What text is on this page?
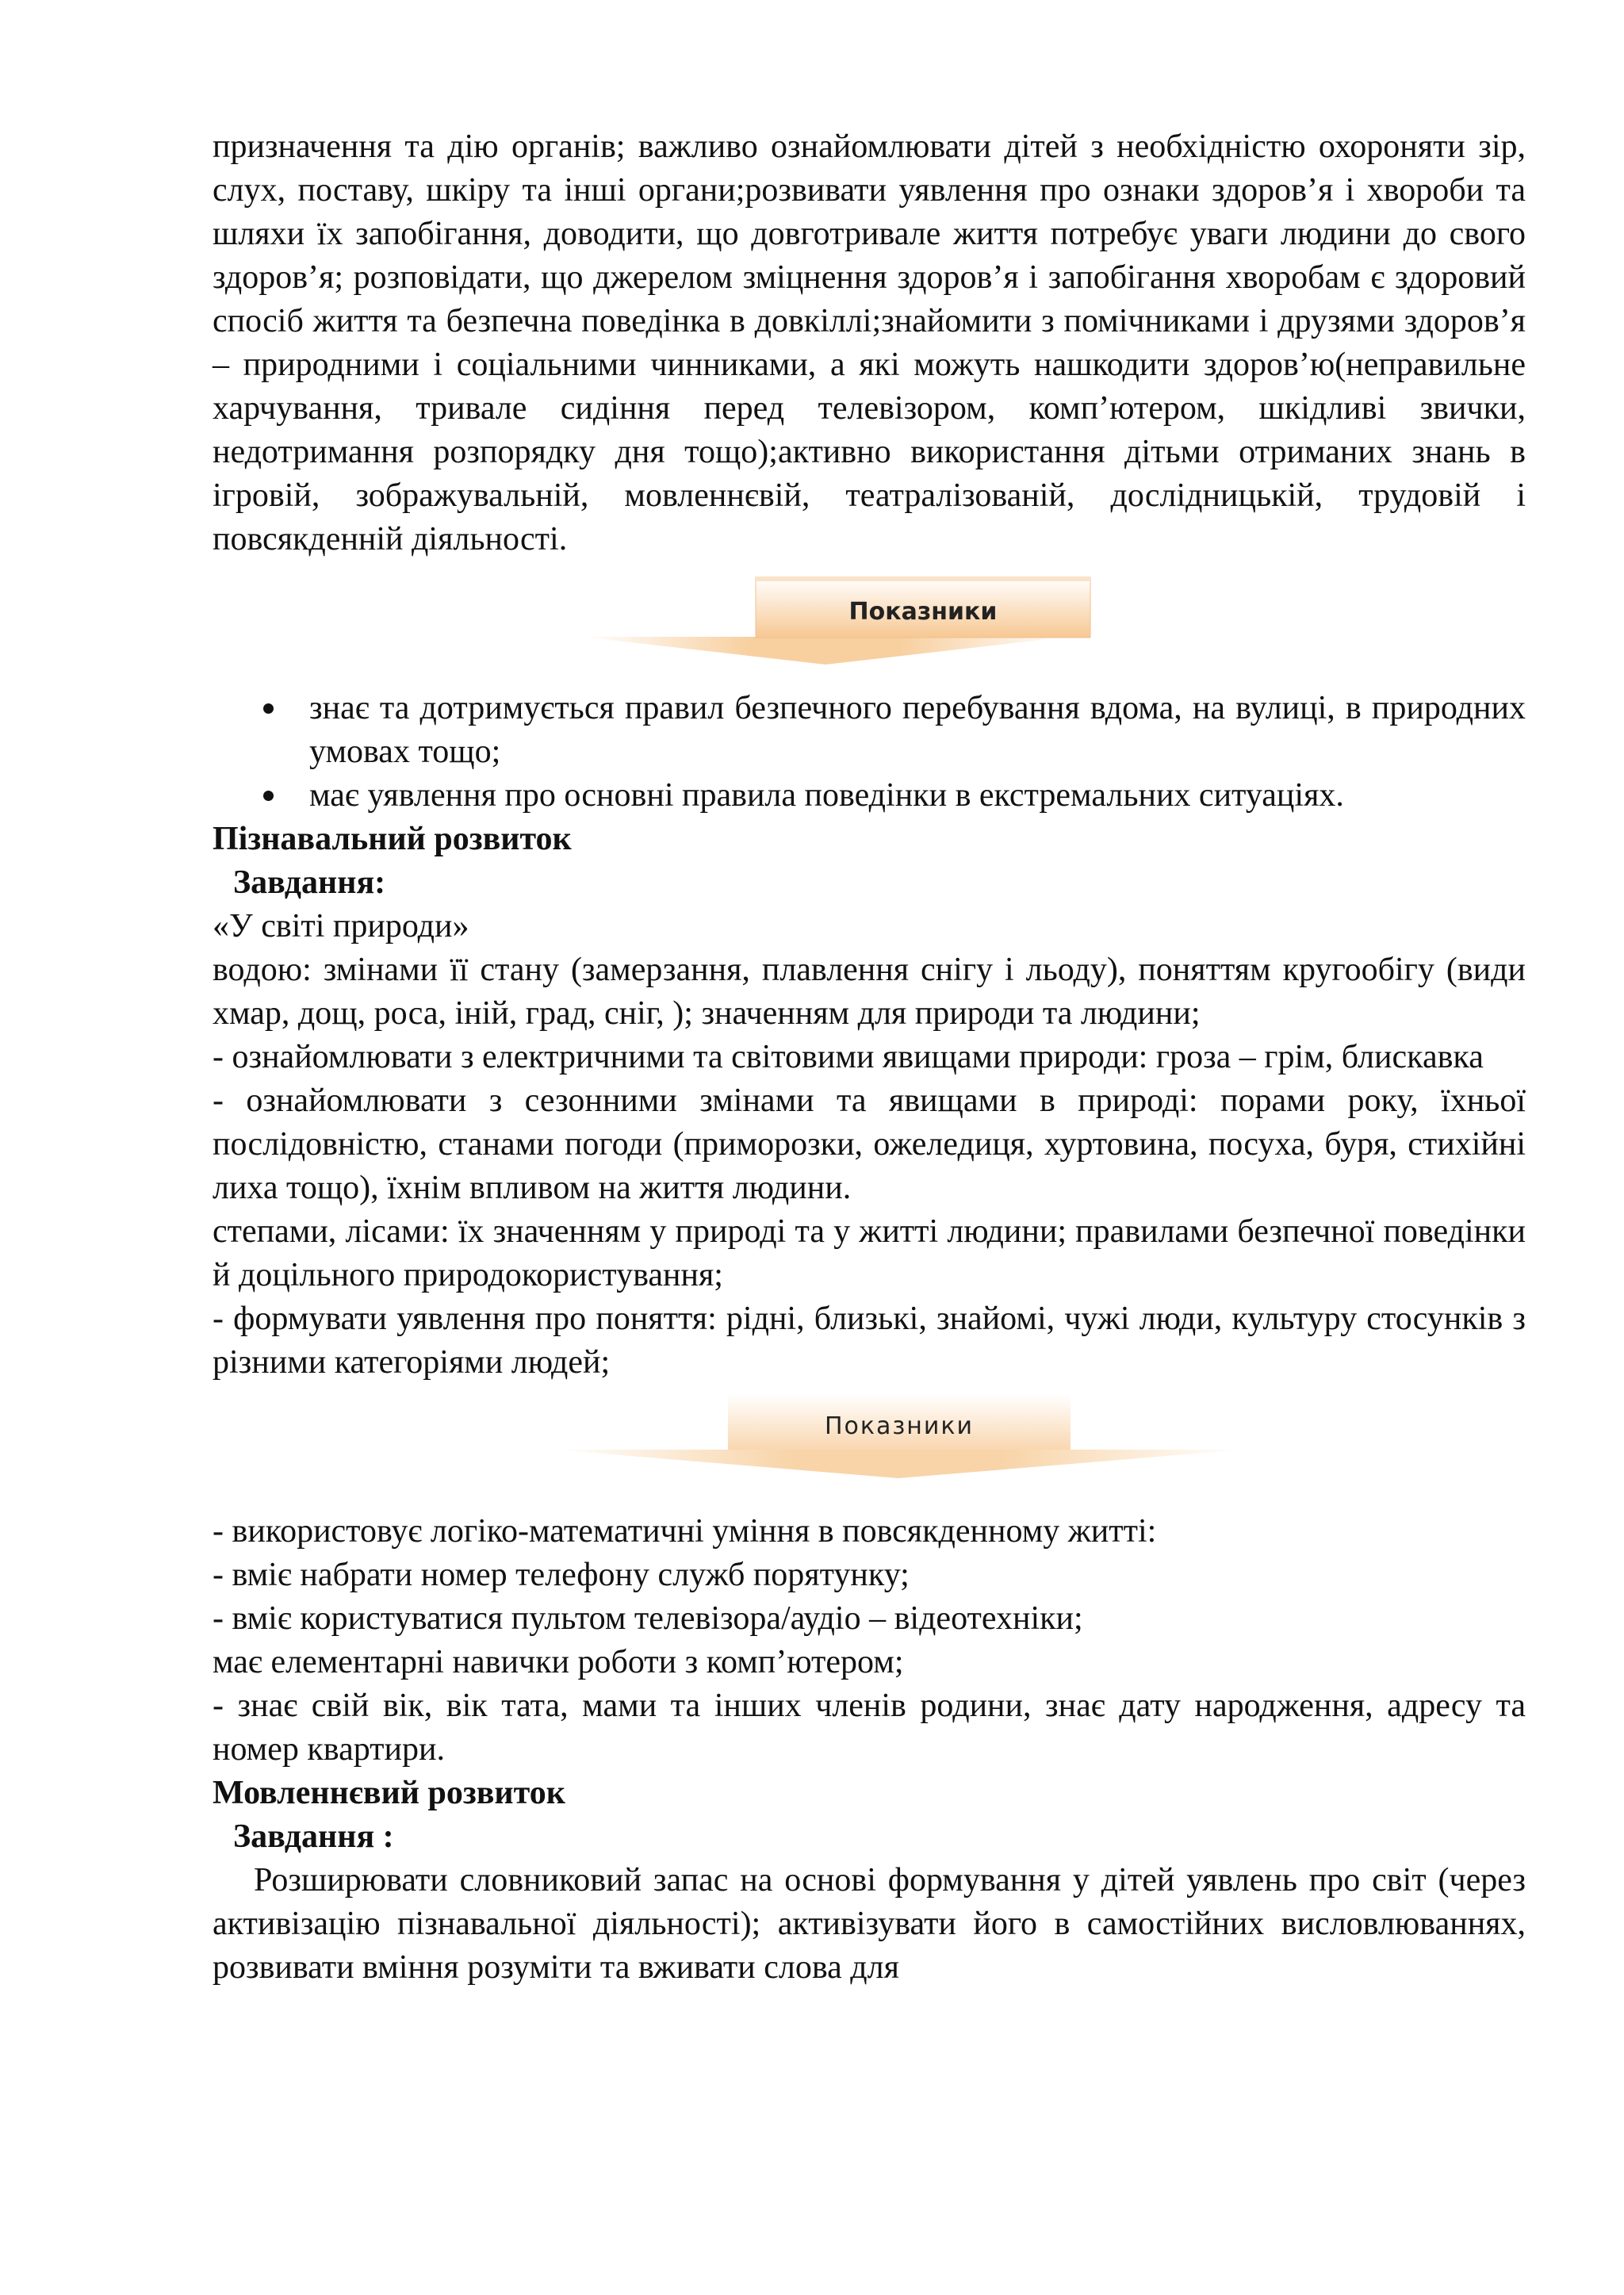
призначення та дію органів; важливо ознайомлювати дітей з необхідністю охороняти зір, слух, поставу, шкіру та інші органи;розвивати уявлення про ознаки здоров’я і хвороби та шляхи їх запобігання, доводити, що довготривале життя потребує уваги людини до свого здоров’я; розповідати, що джерелом зміцнення здоров’я і запобігання хворобам є здоровий спосіб життя та безпечна поведінка в довкіллі;знайомити з помічниками і друзями здоров’я – природними і соціальними чинниками, а які можуть нашкодити здоров’ю(неправильне харчування, тривале сидіння перед телевізором, комп’ютером, шкідливі звички, недотримання розпорядку дня тощо);активно використання дітьми отриманих знань в ігровій, зображувальній, мовленнєвій, театралізованій, дослідницькій, трудовій і повсякденній діяльності.

Показники
знає та дотримується правил безпечного перебування вдома, на вулиці, в природних умовах тощо;
має уявлення про основні правила поведінки в екстремальних ситуаціях.

Пізнавальний розвиток

Завдання:

«У світі природи»

водою: змінами її стану (замерзання, плавлення снігу і льоду), поняттям кругообігу (види хмар, дощ, роса, іній, град, сніг, ); значенням для природи та людини;

- ознайомлювати з електричними та світовими явищами природи: гроза – грім, блискавка

- ознайомлювати з сезонними змінами та явищами в природі: порами року, їхньої послідовністю, станами погоди (приморозки, ожеледиця, хуртовина, посуха, буря, стихійні лиха тощо), їхнім впливом на життя людини.

степами, лісами: їх значенням у природі та у житті людини; правилами безпечної поведінки й доцільного природокористування;

- формувати уявлення про поняття: рідні, близькі, знайомі, чужі люди, культуру стосунків з різними категоріями людей;

Показники

- використовує логіко-математичні уміння в повсякденному житті:

- вміє набрати номер телефону служб порятунку;

- вміє користуватися пультом телевізора/аудіо – відеотехніки;

має елементарні навички роботи з комп’ютером;

- знає свій вік, вік тата, мами та інших членів родини, знає дату народження, адресу та номер квартири.

Мовленнєвий розвиток

Завдання :

Розширювати словниковий запас на основі формування у дітей уявлень про світ (через активізацію пізнавальної діяльності); активізувати його в самостійних висловлюваннях, розвивати вміння розуміти та вживати слова для
